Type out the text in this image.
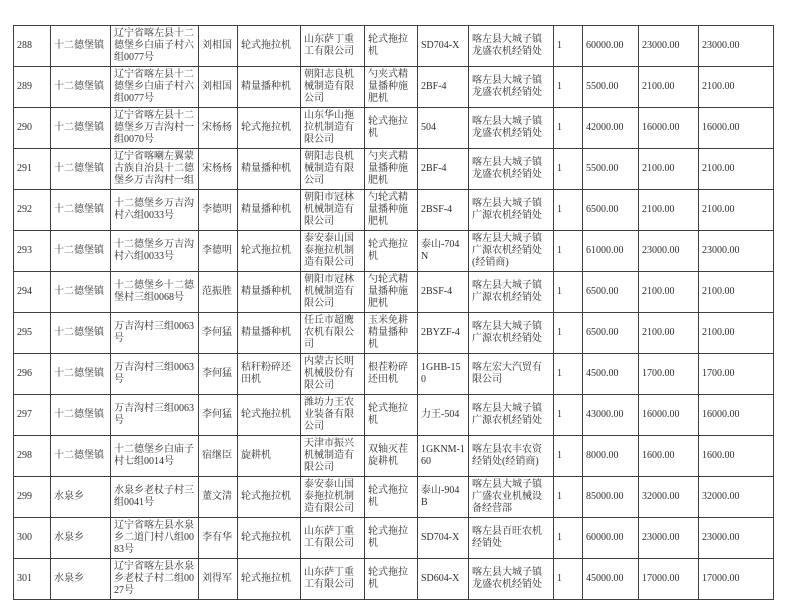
288	十二德堡镇	辽宁省喀左县十二德堡乡白庙子村六组0077号	刘相国	轮式拖拉机	山东萨丁重工有限公司	轮式拖拉机	SD704-X	喀左县大城子镇龙盛农机经销处	1	60000.00	23000.00	23000.00
289	十二德堡镇	辽宁省喀左县十二德堡乡白庙子村六组0077号	刘相国	精量播种机	朝阳志良机械制造有限公司	勺夹式精量播种施肥机	2BF-4	喀左县大城子镇龙盛农机经销处	1	5500.00	2100.00	2100.00
290	十二德堡镇	辽宁省喀左县十二德堡乡万吉沟村一组0070号	宋杨杨	轮式拖拉机	山东华山拖拉机制造有限公司	轮式拖拉机	504	喀左县大城子镇龙盛农机经销处	1	42000.00	16000.00	16000.00
291	十二德堡镇	辽宁省喀喇左翼蒙古族自治县十二德堡乡万吉沟村一组	宋杨杨	精量播种机	朝阳志良机械制造有限公司	勺夹式精量播种施肥机	2BF-4	喀左县大城子镇龙盛农机经销处	1	5500.00	2100.00	2100.00
292	十二德堡镇	十二德堡乡万吉沟村六组0033号	李德明	精量播种机	朝阳市冠林机械制造有限公司	勺轮式精量播种施肥机	2BSF-4	喀左县大城子镇广源农机经销处	1	6500.00	2100.00	2100.00
293	十二德堡镇	十二德堡乡万吉沟村六组0033号	李德明	轮式拖拉机	泰安泰山国泰拖拉机制造有限公司	轮式拖拉机	泰山-704N	喀左县大城子镇广源农机经销处(经销商)	1	61000.00	23000.00	23000.00
294	十二德堡镇	十二德堡乡十二德堡村三组0068号	范振胜	精量播种机	朝阳市冠林机械制造有限公司	勺轮式精量播种施肥机	2BSF-4	喀左县大城子镇广源农机经销处	1	6500.00	2100.00	2100.00
295	十二德堡镇	万吉沟村三组0063号	李何猛	精量播种机	任丘市超鹰农机有限公司	玉米免耕精量播种机	2BYZF-4	喀左县大城子镇广源农机经销处	1	6500.00	2100.00	2100.00
296	十二德堡镇	万吉沟村三组0063号	李何猛	秸秆粉碎还田机	内蒙古长明机械股份有限公司	根茬粉碎还田机	1GHB-150	喀左宏大汽贸有限公司	1	4500.00	1700.00	1700.00
297	十二德堡镇	万吉沟村三组0063号	李何猛	轮式拖拉机	潍坊力王农业装备有限公司	轮式拖拉机	力王-504	喀左县大城子镇广源农机经销处	1	43000.00	16000.00	16000.00
298	十二德堡镇	十二德堡乡白庙子村七组0014号	宿继臣	旋耕机	天津市振兴机械制造有限公司	双轴灭茬旋耕机	1GKNM-160	喀左县农丰农资经销处(经销商)	1	8000.00	1600.00	1600.00
299	水泉乡	水泉乡老杖子村三组0041号	董文清	轮式拖拉机	泰安泰山国泰拖拉机制造有限公司	轮式拖拉机	泰山-904B	喀左县大城子镇广盛农业机械设备经营部	1	85000.00	32000.00	32000.00
300	水泉乡	辽宁省喀左县水泉乡二道门村八组0083号	李有华	轮式拖拉机	山东萨丁重工有限公司	轮式拖拉机	SD704-X	喀左县百旺农机经销处	1	60000.00	23000.00	23000.00
301	水泉乡	辽宁省喀左县水泉乡老杖子村二组0027号	刘得军	轮式拖拉机	山东萨丁重工有限公司	轮式拖拉机	SD604-X	喀左县大城子镇龙盛农机经销处	1	45000.00	17000.00	17000.00
